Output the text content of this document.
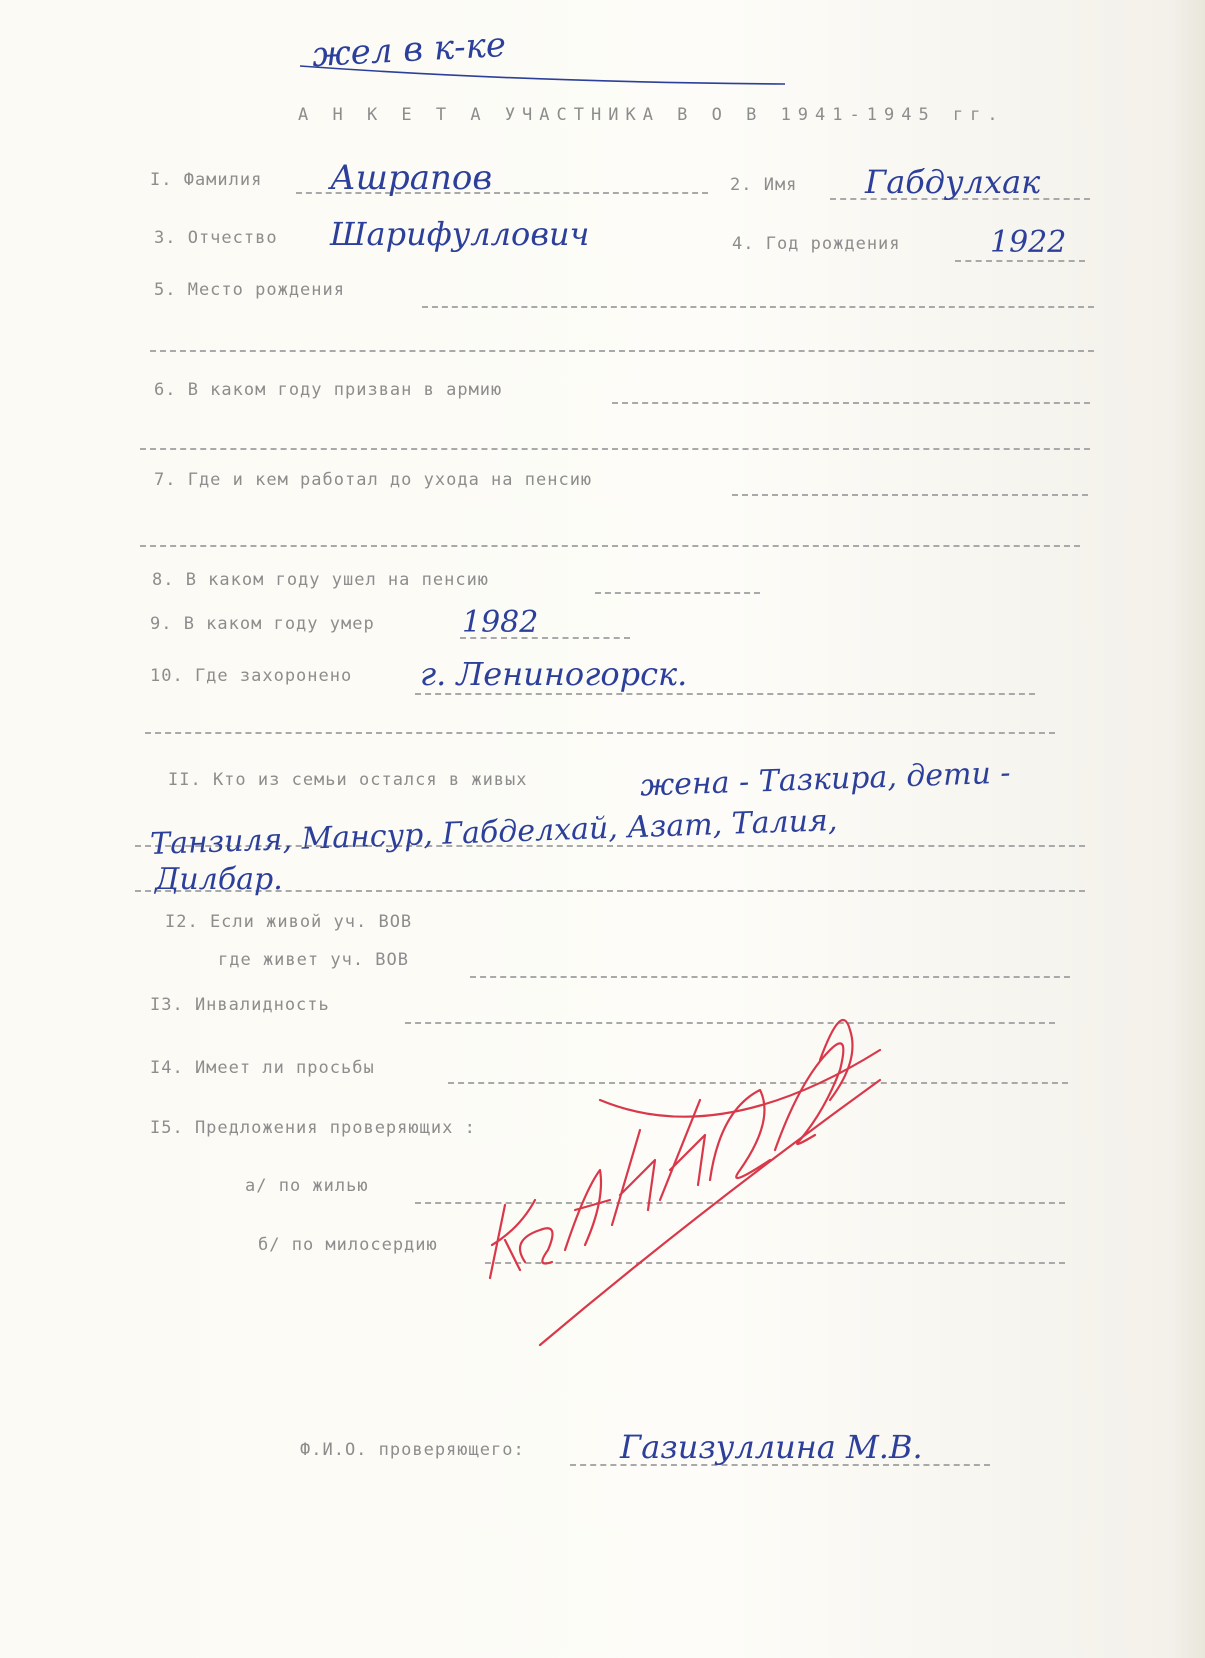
жел в к-ке
А Н К Е Т А УЧАСТНИКА В О В 1941-1945 гг.
I. Фамилия Ашрапов	2. Имя Габдулхак
3. Отчество Шарифуллович	4. Год рождения	1922
5. Место рождения
6. В каком году призван в армию
7. Где и кем работал до ухода на пенсию
8. В каком году ушел на пенсию
9. В каком году умер	1982
10. Где захоронено г. Лениногорск.
II. Кто из семьи остался в живых	жена - Тазкира, дети -
Танзиля, Мансур, Габделхай, Азат, Талия,
Дилбар.
I2. Если живой уч. ВОВ
где живет уч. ВОВ
I3. Инвалидность
I4. Имеет ли просьбы
I5. Предложения проверяющих :
а/ по жилью
б/ по милосердию
Ф.И.О. проверяющего:	Газизуллина М.В.
